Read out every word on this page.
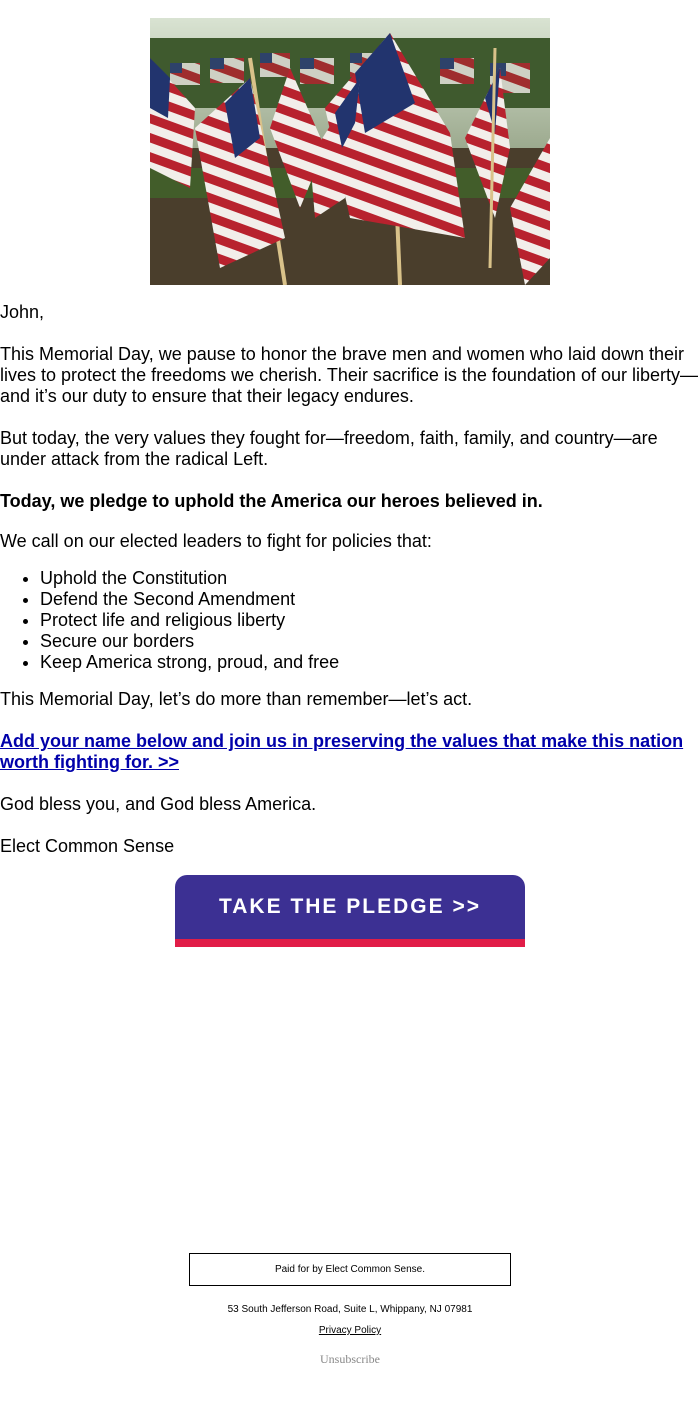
John,

This Memorial Day, we pause to honor the brave men and women who laid down their lives to protect the freedoms we cherish. Their sacrifice is the foundation of our liberty—and it’s our duty to ensure that their legacy endures.

But today, the very values they fought for—freedom, faith, family, and country—are under attack from the radical Left.

Today, we pledge to uphold the America our heroes believed in.

We call on our elected leaders to fight for policies that:

• Uphold the Constitution
• Defend the Second Amendment
• Protect life and religious liberty
• Secure our borders
• Keep America strong, proud, and free

This Memorial Day, let’s do more than remember—let’s act.

Add your name below and join us in preserving the values that make this nation worth fighting for. >>

God bless you, and God bless America.

Elect Common Sense

TAKE THE PLEDGE >>
Paid for by Elect Common Sense.
53 South Jefferson Road, Suite L, Whippany, NJ 07981
Privacy Policy
Unsubscribe
